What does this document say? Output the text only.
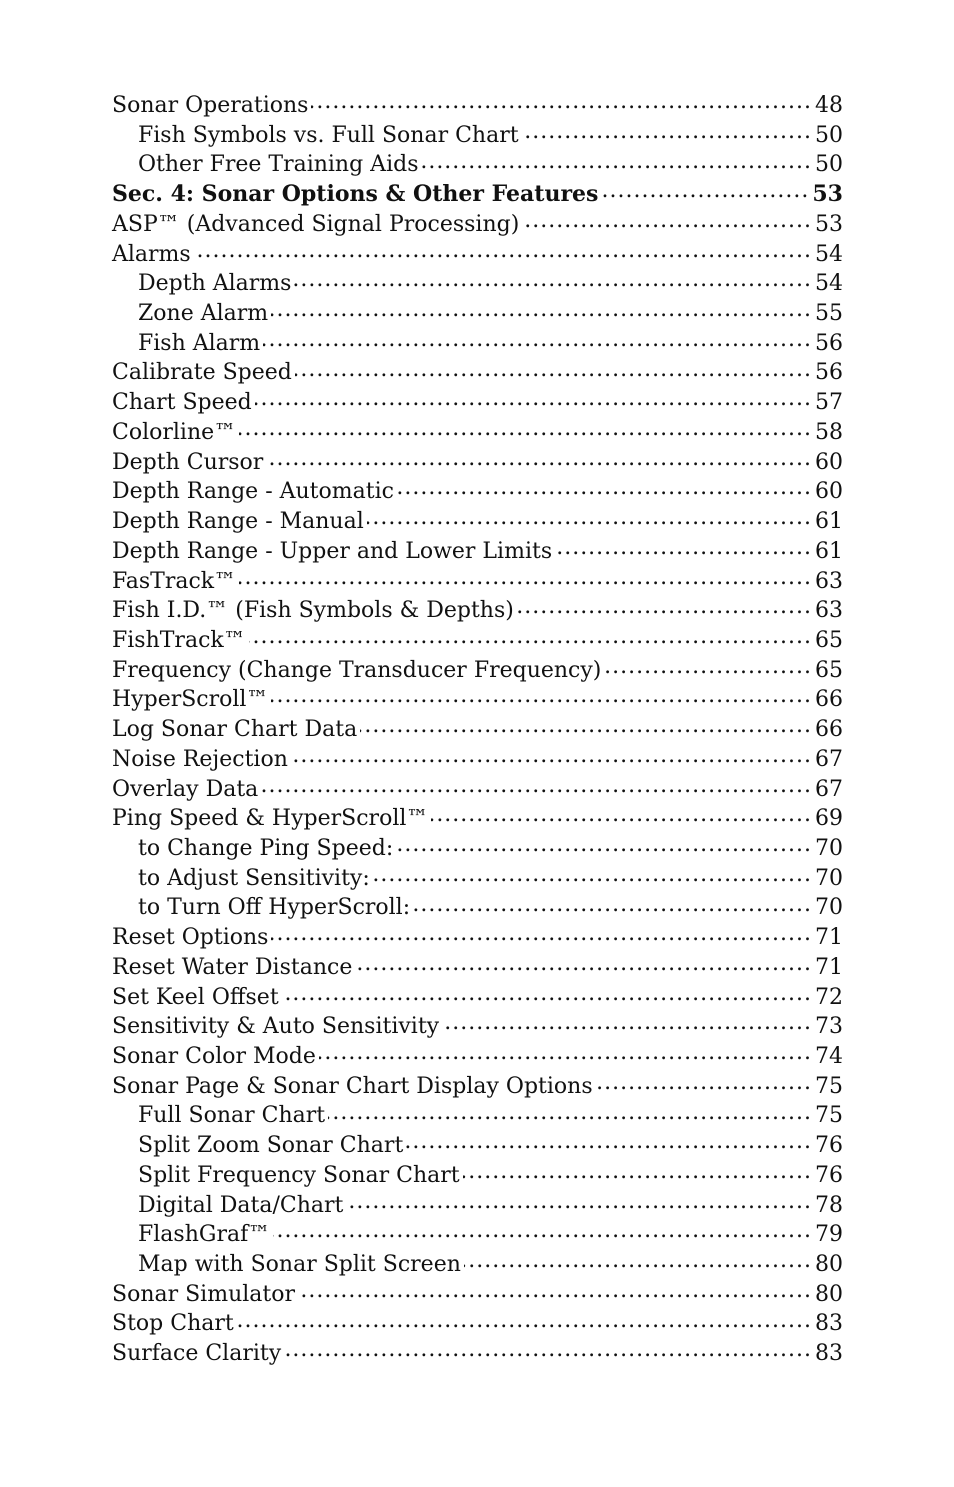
Sonar Operations .....	48
Fish Symbols vs. Full Sonar Chart .....	50
Other Free Training Aids .....	50
Sec. 4: Sonar Options & Other Features .....	53
ASP™ (Advanced Signal Processing) .....	53
Alarms .....	54
Depth Alarms .....	54
Zone Alarm .....	55
Fish Alarm .....	56
Calibrate Speed .....	56
Chart Speed .....	57
Colorline™ .....	58
Depth Cursor .....	60
Depth Range - Automatic .....	60
Depth Range - Manual .....	61
Depth Range - Upper and Lower Limits .....	61
FasTrack™ .....	63
Fish I.D.™ (Fish Symbols & Depths) .....	63
FishTrack™ .....	65
Frequency (Change Transducer Frequency) .....	65
HyperScroll™ .....	66
Log Sonar Chart Data .....	66
Noise Rejection .....	67
Overlay Data .....	67
Ping Speed & HyperScroll™ .....	69
to Change Ping Speed: .....	70
to Adjust Sensitivity: .....	70
to Turn Off HyperScroll: .....	70
Reset Options .....	71
Reset Water Distance .....	71
Set Keel Offset .....	72
Sensitivity & Auto Sensitivity .....	73
Sonar Color Mode .....	74
Sonar Page & Sonar Chart Display Options .....	75
Full Sonar Chart .....	75
Split Zoom Sonar Chart .....	76
Split Frequency Sonar Chart .....	76
Digital Data/Chart .....	78
FlashGraf™ .....	79
Map with Sonar Split Screen .....	80
Sonar Simulator .....	80
Stop Chart .....	83
Surface Clarity .....	83
